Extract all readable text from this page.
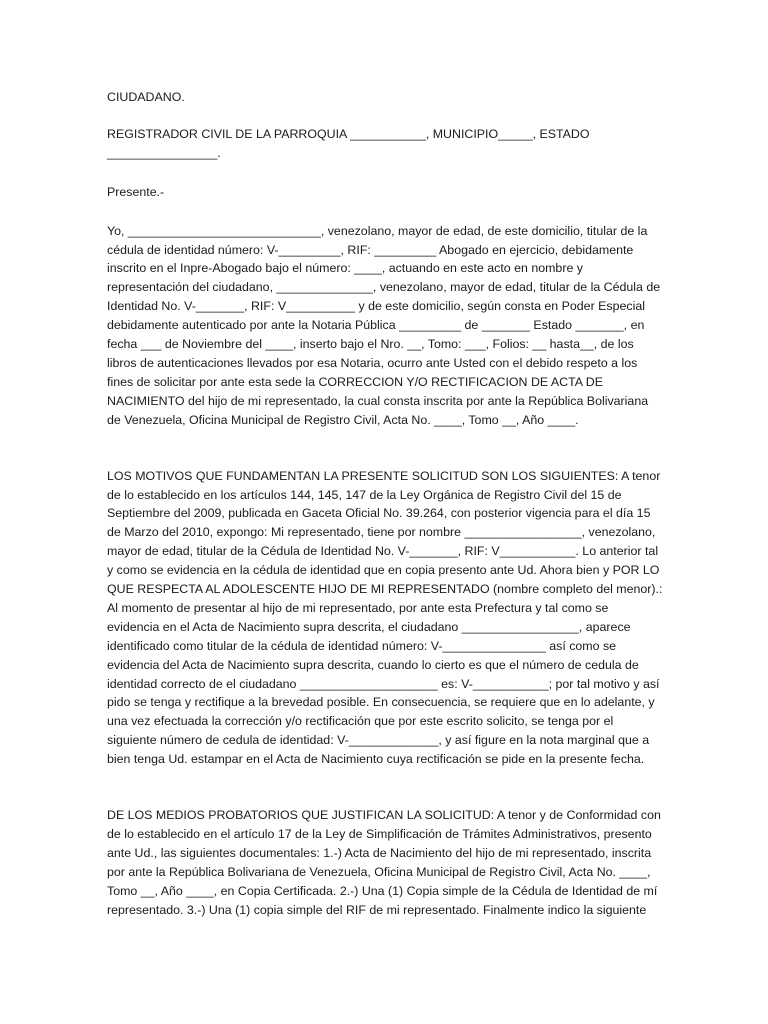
CIUDADANO.

REGISTRADOR CIVIL DE LA PARROQUIA ___________, MUNICIPIO_____, ESTADO ________________.

Presente.-

Yo, ____________________________, venezolano, mayor de edad, de este domicilio, titular de la cédula de identidad número: V-_________, RIF: _________ Abogado en ejercicio, debidamente inscrito en el Inpre-Abogado bajo el número: ____, actuando en este acto en nombre y representación del ciudadano, ______________, venezolano, mayor de edad, titular de la Cédula de Identidad No. V-_______, RIF: V__________ y de este domicilio, según consta en Poder Especial debidamente autenticado por ante la Notaria Pública _________ de _______ Estado _______, en fecha ___ de Noviembre del ____, inserto bajo el Nro. __, Tomo: ___, Folios: __ hasta__, de los libros de autenticaciones llevados por esa Notaria, ocurro ante Usted con el debido respeto a los fines de solicitar por ante esta sede la CORRECCION Y/O RECTIFICACION DE ACTA DE NACIMIENTO del hijo de mi representado, la cual consta inscrita por ante la República Bolivariana de Venezuela, Oficina Municipal de Registro Civil, Acta No. ____, Tomo __, Año ____.

LOS MOTIVOS QUE FUNDAMENTAN LA PRESENTE SOLICITUD SON LOS SIGUIENTES: A tenor de lo establecido en los artículos 144, 145, 147 de la Ley Orgánica de Registro Civil del 15 de Septiembre del 2009, publicada en Gaceta Oficial No. 39.264, con posterior vigencia para el día 15 de Marzo del 2010, expongo: Mi representado, tiene por nombre _________________, venezolano, mayor de edad, titular de la Cédula de Identidad No. V-_______, RIF: V___________. Lo anterior tal y como se evidencia en la cédula de identidad que en copia presento ante Ud. Ahora bien y POR LO QUE RESPECTA AL ADOLESCENTE HIJO DE MI REPRESENTADO (nombre completo del menor).: Al momento de presentar al hijo de mi representado, por ante esta Prefectura y tal como se evidencia en el Acta de Nacimiento supra descrita, el ciudadano _________________, aparece identificado como titular de la cédula de identidad número: V-_______________ así como se evidencia del Acta de Nacimiento supra descrita, cuando lo cierto es que el número de cedula de identidad correcto de el ciudadano ____________________ es: V-___________; por tal motivo y así pido se tenga y rectifique a la brevedad posible. En consecuencia, se requiere que en lo adelante, y una vez efectuada la corrección y/o rectificación que por este escrito solicito, se tenga por el siguiente número de cedula de identidad: V-_____________, y así figure en la nota marginal que a bien tenga Ud. estampar en el Acta de Nacimiento cuya rectificación se pide en la presente fecha.

DE LOS MEDIOS PROBATORIOS QUE JUSTIFICAN LA SOLICITUD: A tenor y de Conformidad con de lo establecido en el artículo 17 de la Ley de Simplificación de Trámites Administrativos, presento ante Ud., las siguientes documentales: 1.-) Acta de Nacimiento del hijo de mi representado, inscrita por ante la República Bolivariana de Venezuela, Oficina Municipal de Registro Civil, Acta No. ____, Tomo __, Año ____, en Copia Certificada. 2.-) Una (1) Copia simple de la Cédula de Identidad de mí representado. 3.-) Una (1) copia simple del RIF de mi representado. Finalmente indico la siguiente
